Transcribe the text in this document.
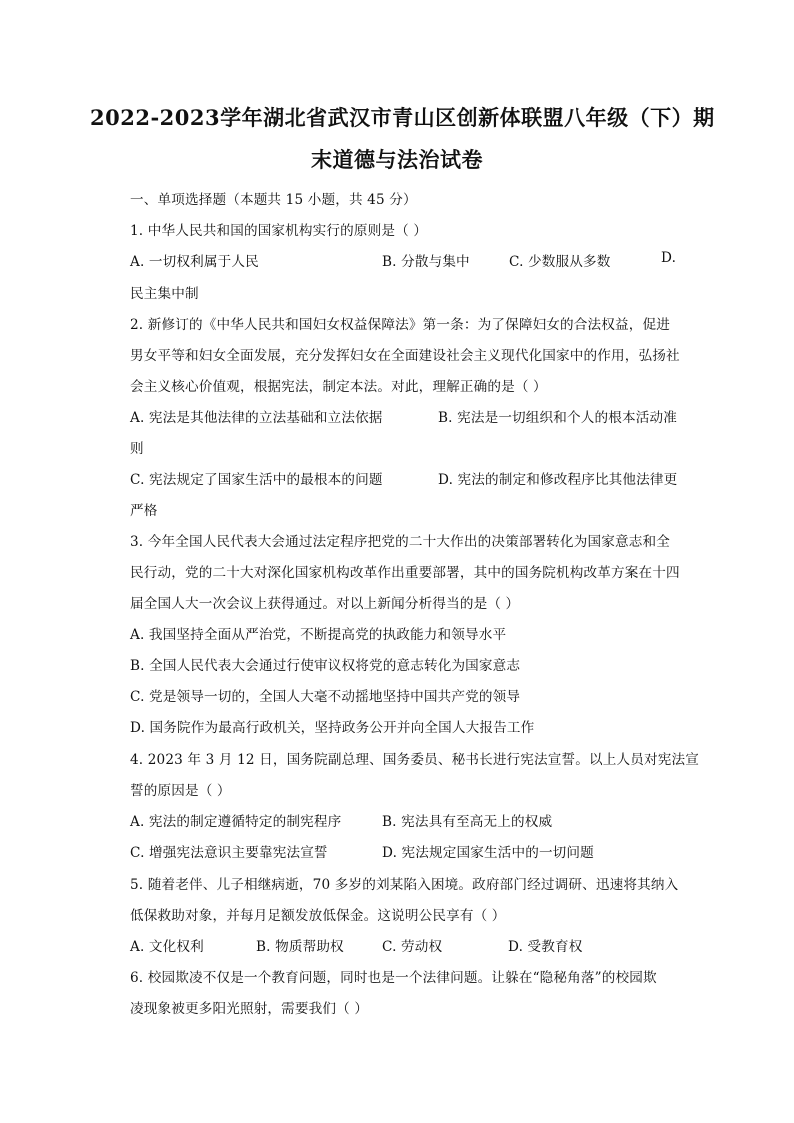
2022-2023学年湖北省武汉市青山区创新体联盟八年级（下）期
末道德与法治试卷
一、单项选择题（本题共 15 小题，共 45 分）
1. 中华人民共和国的国家机构实行的原则是（ ）
A. 一切权利属于人民	B. 分散与集中	C. 少数服从多数	D.
民主集中制
2. 新修订的《中华人民共和国妇女权益保障法》第一条：为了保障妇女的合法权益，促进
男女平等和妇女全面发展，充分发挥妇女在全面建设社会主义现代化国家中的作用，弘扬社
会主义核心价值观，根据宪法，制定本法。对此，理解正确的是（ ）
A. 宪法是其他法律的立法基础和立法依据	B. 宪法是一切组织和个人的根本活动准
则
C. 宪法规定了国家生活中的最根本的问题	D. 宪法的制定和修改程序比其他法律更
严格
3. 今年全国人民代表大会通过法定程序把党的二十大作出的决策部署转化为国家意志和全
民行动，党的二十大对深化国家机构改革作出重要部署，其中的国务院机构改革方案在十四
届全国人大一次会议上获得通过。对以上新闻分析得当的是（ ）
A. 我国坚持全面从严治党，不断提高党的执政能力和领导水平
B. 全国人民代表大会通过行使审议权将党的意志转化为国家意志
C. 党是领导一切的，全国人大毫不动摇地坚持中国共产党的领导
D. 国务院作为最高行政机关，坚持政务公开并向全国人大报告工作
4. 2023 年 3 月 12 日，国务院副总理、国务委员、秘书长进行宪法宣誓。以上人员对宪法宣
誓的原因是（ ）
A. 宪法的制定遵循特定的制宪程序	B. 宪法具有至高无上的权威
C. 增强宪法意识主要靠宪法宣誓	D. 宪法规定国家生活中的一切问题
5. 随着老伴、儿子相继病逝，70 多岁的刘某陷入困境。政府部门经过调研、迅速将其纳入
低保救助对象，并每月足额发放低保金。这说明公民享有（ ）
A. 文化权利	B. 物质帮助权	C. 劳动权	D. 受教育权
6. 校园欺凌不仅是一个教育问题，同时也是一个法律问题。让躲在“隐秘角落”的校园欺
凌现象被更多阳光照射，需要我们（ ）
